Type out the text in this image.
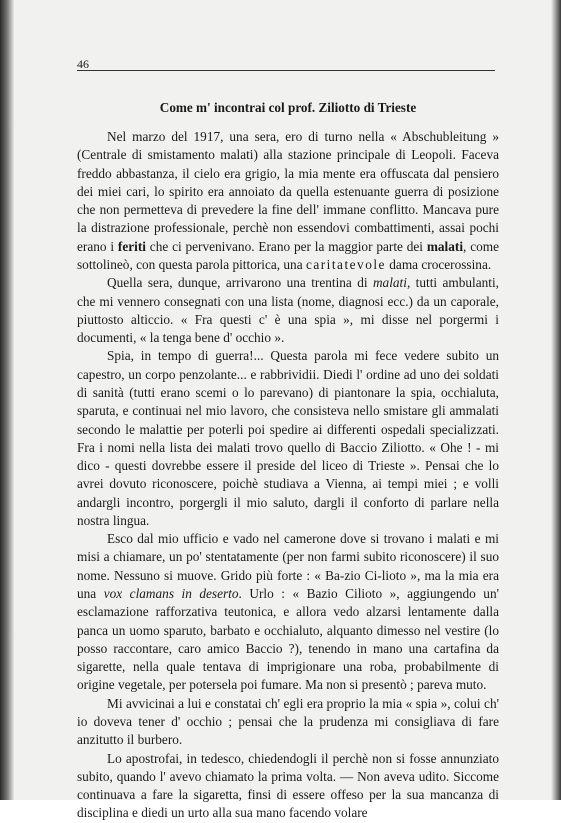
46
Come m' incontrai col prof. Ziliotto di Trieste

Nel marzo del 1917, una sera, ero di turno nella « Abschubleitung » (Centrale di smistamento malati) alla stazione principale di Leopoli. Faceva freddo abbastanza, il cielo era grigio, la mia mente era offuscata dal pensiero dei miei cari, lo spirito era annoiato da quella estenuante guerra di posizione che non permetteva di prevedere la fine dell' immane conflitto. Mancava pure la distrazione professionale, perchè non essendovi combattimenti, assai pochi erano i feriti che ci pervenivano. Erano per la maggior parte dei malati, come sottolineò, con questa parola pittorica, una caritatevole dama crocerossina.

Quella sera, dunque, arrivarono una trentina di malati, tutti ambulanti, che mi vennero consegnati con una lista (nome, diagnosi ecc.) da un caporale, piuttosto alticcio. « Fra questi c' è una spia », mi disse nel porgermi i documenti, « la tenga bene d' occhio ».

Spia, in tempo di guerra!... Questa parola mi fece vedere subito un capestro, un corpo penzolante... e rabbrividii. Diedi l' ordine ad uno dei soldati di sanità (tutti erano scemi o lo parevano) di piantonare la spia, occhialuta, sparuta, e continuai nel mio lavoro, che consisteva nello smistare gli ammalati secondo le malattie per poterli poi spedire ai differenti ospedali specializzati. Fra i nomi nella lista dei malati trovo quello di Baccio Ziliotto. « Ohe ! - mi dico - questi dovrebbe essere il preside del liceo di Trieste ». Pensai che lo avrei dovuto riconoscere, poichè studiava a Vienna, ai tempi miei ; e volli andargli incontro, porgergli il mio saluto, dargli il conforto di parlare nella nostra lingua.

Esco dal mio ufficio e vado nel camerone dove si trovano i malati e mi misi a chiamare, un po' stentatamente (per non farmi subito riconoscere) il suo nome. Nessuno si muove. Grido più forte : « Ba-zio Ci-lioto », ma la mia era una vox clamans in deserto. Urlo : « Bazio Cilioto », aggiungendo un' esclamazione rafforzativa teutonica, e allora vedo alzarsi lentamente dalla panca un uomo sparuto, barbato e occhialuto, alquanto dimesso nel vestire (lo posso raccontare, caro amico Baccio ?), tenendo in mano una cartafina da sigarette, nella quale tentava di imprigionare una roba, probabilmente di origine vegetale, per potersela poi fumare. Ma non si presentò ; pareva muto.

Mi avvicinai a lui e constatai ch' egli era proprio la mia « spia », colui ch' io doveva tener d' occhio ; pensai che la prudenza mi consigliava di fare anzitutto il burbero.

Lo apostrofai, in tedesco, chiedendogli il perchè non si fosse annunziato subito, quando l' avevo chiamato la prima volta. — Non aveva udito. Siccome continuava a fare la sigaretta, finsi di essere offeso per la sua mancanza di disciplina e diedi un urto alla sua mano facendo volare
